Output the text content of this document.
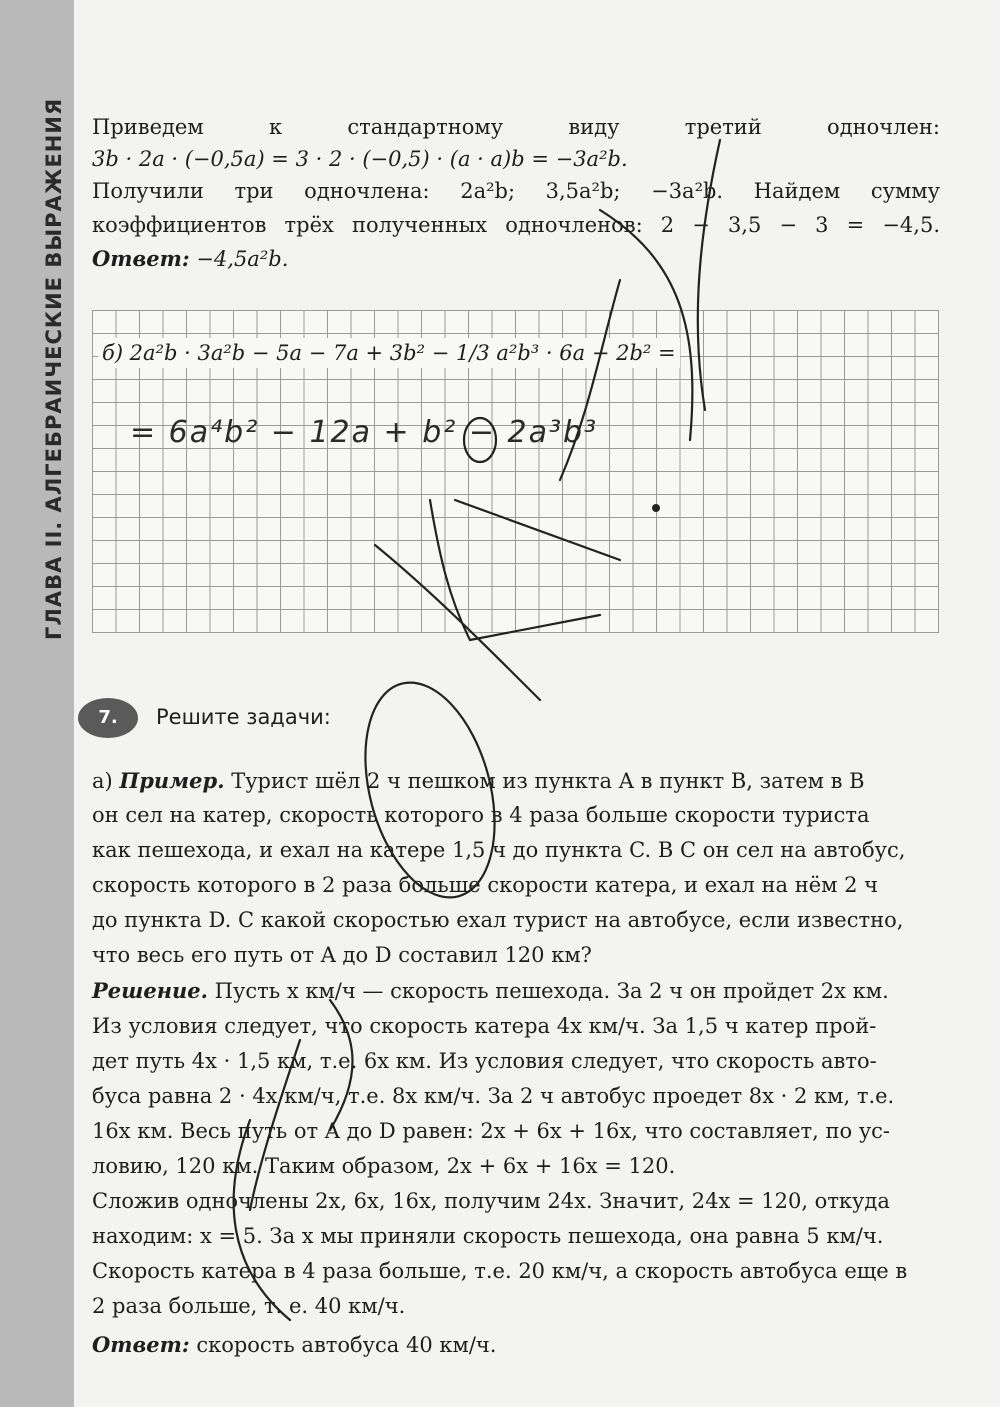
ГЛАВА II. АЛГЕБРАИЧЕСКИЕ ВЫРАЖЕНИЯ Приведем к стандартному виду третий одночлен:
3b · 2a · (−0,5a) = 3 · 2 · (−0,5) · (a · a)b = −3a²b.
Получили три одночлена: 2a²b; 3,5a²b; −3a²b. Найдем сумму
коэффициентов трёх полученных одночленов: 2 − 3,5 − 3 = −4,5.
Ответ: −4,5a²b.
б) 2a²b · 3a²b − 5a − 7a + 3b² − 1/3 a²b³ · 6a − 2b² =
= 6a⁴b² − 12a + b² − 2a³b³
7.	Решите задачи:
а) Пример. Турист шёл 2 ч пешком из пункта A в пункт B, затем в B
он сел на катер, скорость которого в 4 раза больше скорости туриста
как пешехода, и ехал на катере 1,5 ч до пункта C. В C он сел на автобус,
скорость которого в 2 раза больше скорости катера, и ехал на нём 2 ч
до пункта D. С какой скоростью ехал турист на автобусе, если известно,
что весь его путь от A до D составил 120 км?
Решение. Пусть x км/ч — скорость пешехода. За 2 ч он пройдет 2x км.
Из условия следует, что скорость катера 4x км/ч. За 1,5 ч катер прой-
дет путь 4x · 1,5 км, т.е. 6x км. Из условия следует, что скорость авто-
буса равна 2 · 4x км/ч, т.е. 8x км/ч. За 2 ч автобус проедет 8x · 2 км, т.е.
16x км. Весь путь от A до D равен: 2x + 6x + 16x, что составляет, по ус-
ловию, 120 км. Таким образом, 2x + 6x + 16x = 120.
Сложив одночлены 2x, 6x, 16x, получим 24x. Значит, 24x = 120, откуда
находим: x = 5. За x мы приняли скорость пешехода, она равна 5 км/ч.
Скорость катера в 4 раза больше, т.е. 20 км/ч, а скорость автобуса еще в
2 раза больше, т. е. 40 км/ч.
Ответ: скорость автобуса 40 км/ч.
